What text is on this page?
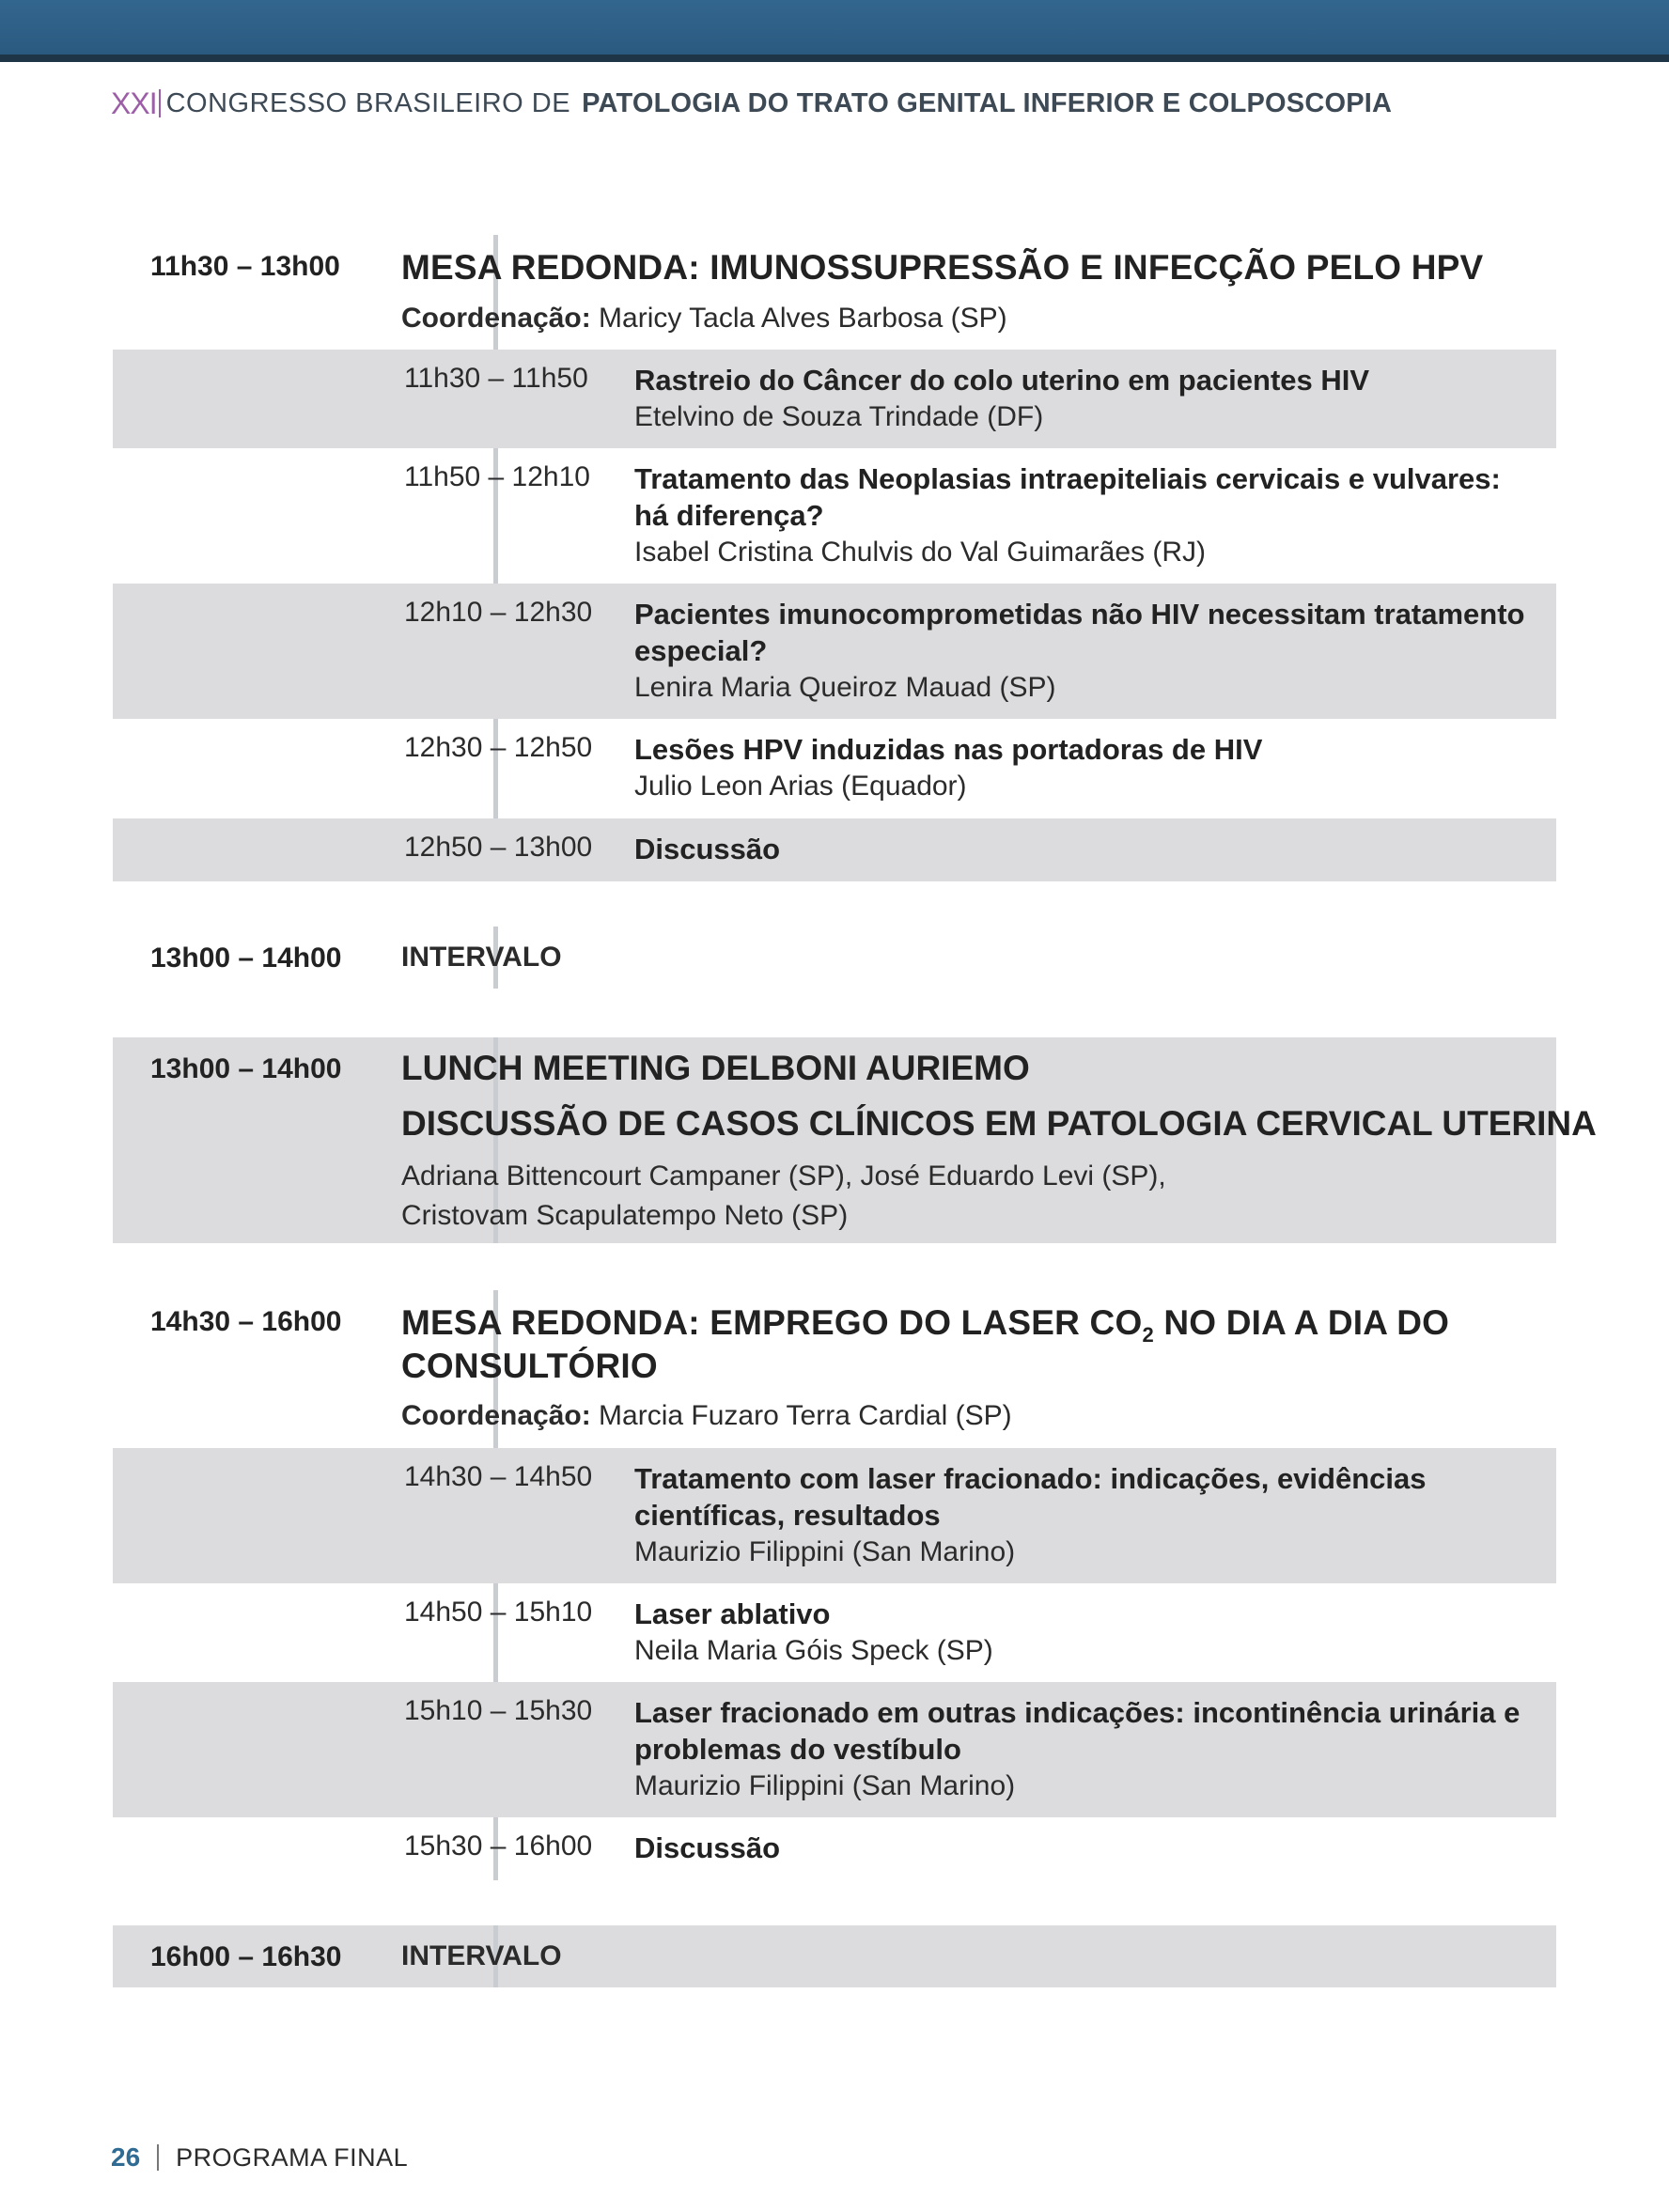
XXI CONGRESSO BRASILEIRO DE PATOLOGIA DO TRATO GENITAL INFERIOR E COLPOSCOPIA
11h30 – 13h00 MESA REDONDA: IMUNOSSUPRESSÃO E INFECÇÃO PELO HPV
Coordenação: Maricy Tacla Alves Barbosa (SP)
11h30 – 11h50 Rastreio do Câncer do colo uterino em pacientes HIV
Etelvino de Souza Trindade (DF)
11h50 – 12h10 Tratamento das Neoplasias intraepiteliais cervicais e vulvares: há diferença?
Isabel Cristina Chulvis do Val Guimarães (RJ)
12h10 – 12h30 Pacientes imunocomprometidas não HIV necessitam tratamento especial?
Lenira Maria Queiroz Mauad (SP)
12h30 – 12h50 Lesões HPV induzidas nas portadoras de HIV
Julio Leon Arias (Equador)
12h50 – 13h00 Discussão
13h00 – 14h00 INTERVALO
13h00 – 14h00 LUNCH MEETING DELBONI AURIEMO
DISCUSSÃO DE CASOS CLÍNICOS EM PATOLOGIA CERVICAL UTERINA
Adriana Bittencourt Campaner (SP), José Eduardo Levi (SP),
Cristovam Scapulatempo Neto (SP)
14h30 – 16h00 MESA REDONDA: EMPREGO DO LASER $CO_2$ NO DIA A DIA DO
CONSULTÓRIO
Coordenação: Marcia Fuzaro Terra Cardial (SP)
14h30 – 14h50 Tratamento com laser fracionado: indicações, evidências científicas, resultados
Maurizio Filippini (San Marino)
14h50 – 15h10 Laser ablativo
Neila Maria Góis Speck (SP)
15h10 – 15h30 Laser fracionado em outras indicações: incontinência urinária e problemas do vestíbulo
Maurizio Filippini (San Marino)
15h30 – 16h00 Discussão
16h00 – 16h30 INTERVALO
26 PROGRAMA FINAL
